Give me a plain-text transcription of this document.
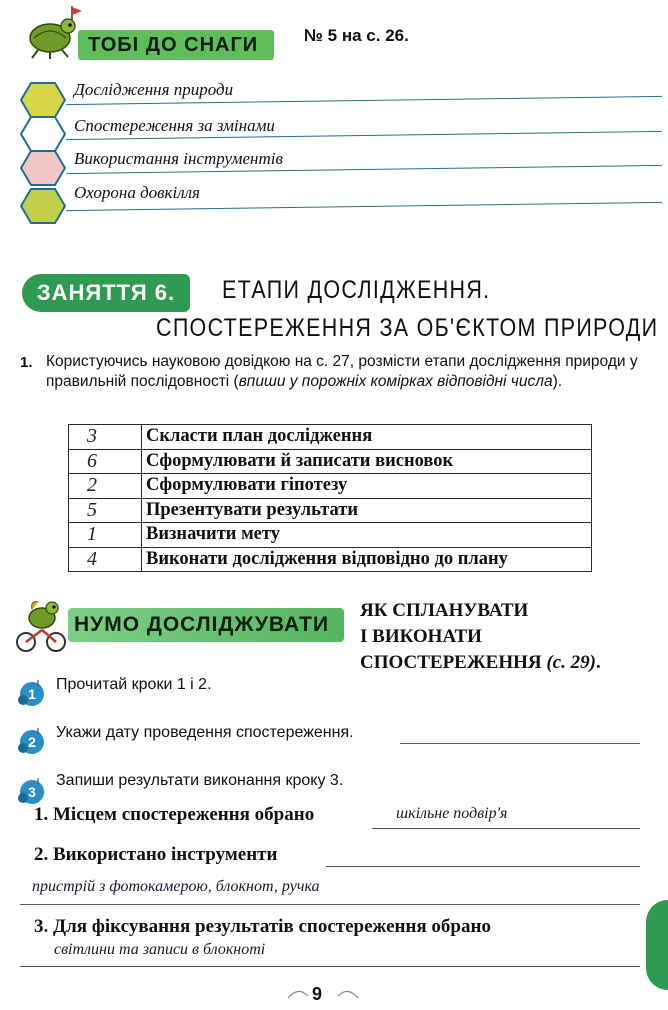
ТОБІ ДО СНАГИ	№ 5 на с. 26.
Дослідження природи
Спостереження за змінами
Використання інструментів
Охорона довкілля
ЗАНЯТТЯ 6. ЕТАПИ ДОСЛІДЖЕННЯ.
СПОСТЕРЕЖЕННЯ ЗА ОБ'ЄКТОМ ПРИРОДИ
1. Користуючись науковою довідкою на с. 27, розмісти етапи дослідження природи у правильній послідовності (впиши у порожніх комірках відповідні числа).
3	Скласти план дослідження
6	Сформулювати й записати висновок
2	Сформулювати гіпотезу
5	Презентувати результати
1	Визначити мету
4	Виконати дослідження відповідно до плану
НУМО ДОСЛІДЖУВАТИ
ЯК СПЛАНУВАТИ
І ВИКОНАТИ
СПОСТЕРЕЖЕННЯ (с. 29).
1
Прочитай кроки 1 і 2.
2
Укажи дату проведення спостереження.
3
Запиши результати виконання кроку 3.
1. Місцем спостереження обрано	шкільне подвір'я
2. Використано інструменти
пристрій з фотокамерою, блокнот, ручка
3. Для фіксування результатів спостереження обрано
світлини та записи в блокноті
9
